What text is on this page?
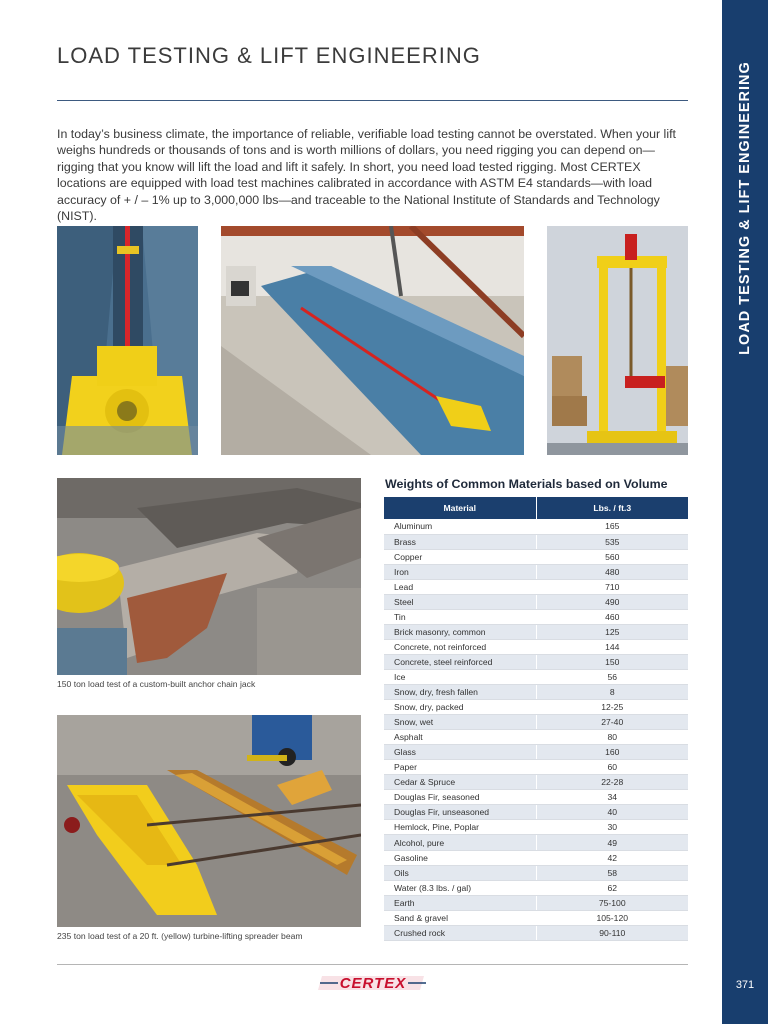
LOAD TESTING & LIFT ENGINEERING

In today’s business climate, the importance of reliable, verifiable load testing cannot be overstated. When your lift weighs hundreds or thousands of tons and is worth millions of dollars, you need rigging you can depend on—rigging that you know will lift the load and lift it safely. In short, you need load tested rigging. Most CERTEX locations are equipped with load test machines calibrated in accordance with ASTM E4 standards—with load accuracy of + / – 1% up to 3,000,000 lbs—and traceable to the National Institute of Standards and Technology (NIST).	LOAD TESTING & LIFT ENGINEERING
371
150 ton load test of a custom-built anchor chain jack
235 ton load test of a 20 ft. (yellow) turbine-lifting spreader beam
Weights of Common Materials based on Volume
Material	Lbs. / ft.3
Aluminum	165
Brass	535
Copper	560
Iron	480
Lead	710
Steel	490
Tin	460
Brick masonry, common	125
Concrete, not reinforced	144
Concrete, steel reinforced	150
Ice	56
Snow, dry, fresh fallen	8
Snow, dry, packed	12-25
Snow, wet	27-40
Asphalt	80
Glass	160
Paper	60
Cedar & Spruce	22-28
Douglas Fir, seasoned	34
Douglas Fir, unseasoned	40
Hemlock, Pine, Poplar	30
Alcohol, pure	49
Gasoline	42
Oils	58
Water (8.3 lbs. / gal)	62
Earth	75-100
Sand & gravel	105-120
Crushed rock	90-110
CERTEX
